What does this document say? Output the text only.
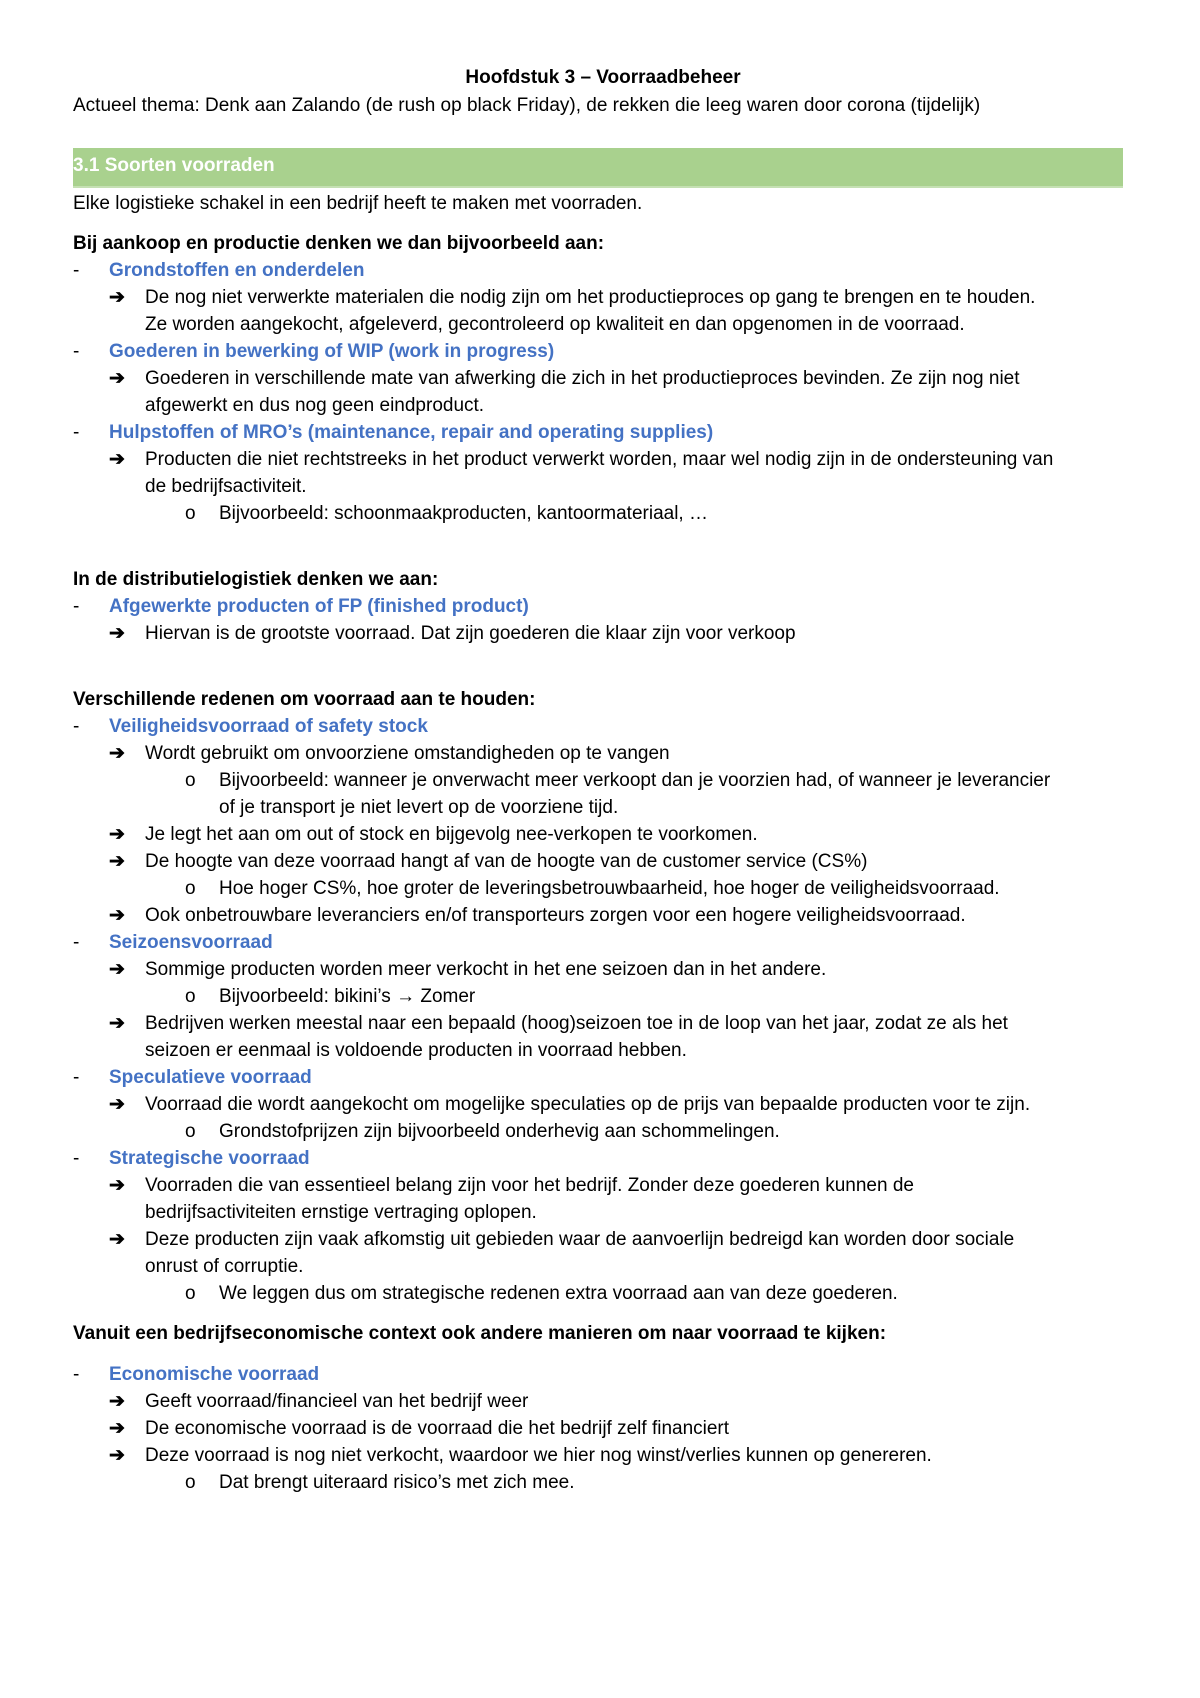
Hoofdstuk 3 – Voorraadbeheer
Actueel thema: Denk aan Zalando (de rush op black Friday), de rekken die leeg waren door corona (tijdelijk)
3.1 Soorten voorraden
Elke logistieke schakel in een bedrijf heeft te maken met voorraden.
Bij aankoop en productie denken we dan bijvoorbeeld aan:
- Grondstoffen en onderdelen
➔ De nog niet verwerkte materialen die nodig zijn om het productieproces op gang te brengen en te houden.
Ze worden aangekocht, afgeleverd, gecontroleerd op kwaliteit en dan opgenomen in de voorraad.
- Goederen in bewerking of WIP (work in progress)
➔ Goederen in verschillende mate van afwerking die zich in het productieproces bevinden. Ze zijn nog niet
afgewerkt en dus nog geen eindproduct.
- Hulpstoffen of MRO’s (maintenance, repair and operating supplies)
➔ Producten die niet rechtstreeks in het product verwerkt worden, maar wel nodig zijn in de ondersteuning van
de bedrijfsactiviteit.
o Bijvoorbeeld: schoonmaakproducten, kantoormateriaal, …
In de distributielogistiek denken we aan:
- Afgewerkte producten of FP (finished product)
➔ Hiervan is de grootste voorraad. Dat zijn goederen die klaar zijn voor verkoop
Verschillende redenen om voorraad aan te houden:
- Veiligheidsvoorraad of safety stock
➔ Wordt gebruikt om onvoorziene omstandigheden op te vangen
o Bijvoorbeeld: wanneer je onverwacht meer verkoopt dan je voorzien had, of wanneer je leverancier
of je transport je niet levert op de voorziene tijd.
➔ Je legt het aan om out of stock en bijgevolg nee-verkopen te voorkomen.
➔ De hoogte van deze voorraad hangt af van de hoogte van de customer service (CS%)
o Hoe hoger CS%, hoe groter de leveringsbetrouwbaarheid, hoe hoger de veiligheidsvoorraad.
➔ Ook onbetrouwbare leveranciers en/of transporteurs zorgen voor een hogere veiligheidsvoorraad.
- Seizoensvoorraad
➔ Sommige producten worden meer verkocht in het ene seizoen dan in het andere.
o Bijvoorbeeld: bikini’s → Zomer
➔ Bedrijven werken meestal naar een bepaald (hoog)seizoen toe in de loop van het jaar, zodat ze als het
seizoen er eenmaal is voldoende producten in voorraad hebben.
- Speculatieve voorraad
➔ Voorraad die wordt aangekocht om mogelijke speculaties op de prijs van bepaalde producten voor te zijn.
o Grondstofprijzen zijn bijvoorbeeld onderhevig aan schommelingen.
- Strategische voorraad
➔ Voorraden die van essentieel belang zijn voor het bedrijf. Zonder deze goederen kunnen de
bedrijfsactiviteiten ernstige vertraging oplopen.
➔ Deze producten zijn vaak afkomstig uit gebieden waar de aanvoerlijn bedreigd kan worden door sociale
onrust of corruptie.
o We leggen dus om strategische redenen extra voorraad aan van deze goederen.
Vanuit een bedrijfseconomische context ook andere manieren om naar voorraad te kijken:
- Economische voorraad
➔ Geeft voorraad/financieel van het bedrijf weer
➔ De economische voorraad is de voorraad die het bedrijf zelf financiert
➔ Deze voorraad is nog niet verkocht, waardoor we hier nog winst/verlies kunnen op genereren.
o Dat brengt uiteraard risico’s met zich mee.
